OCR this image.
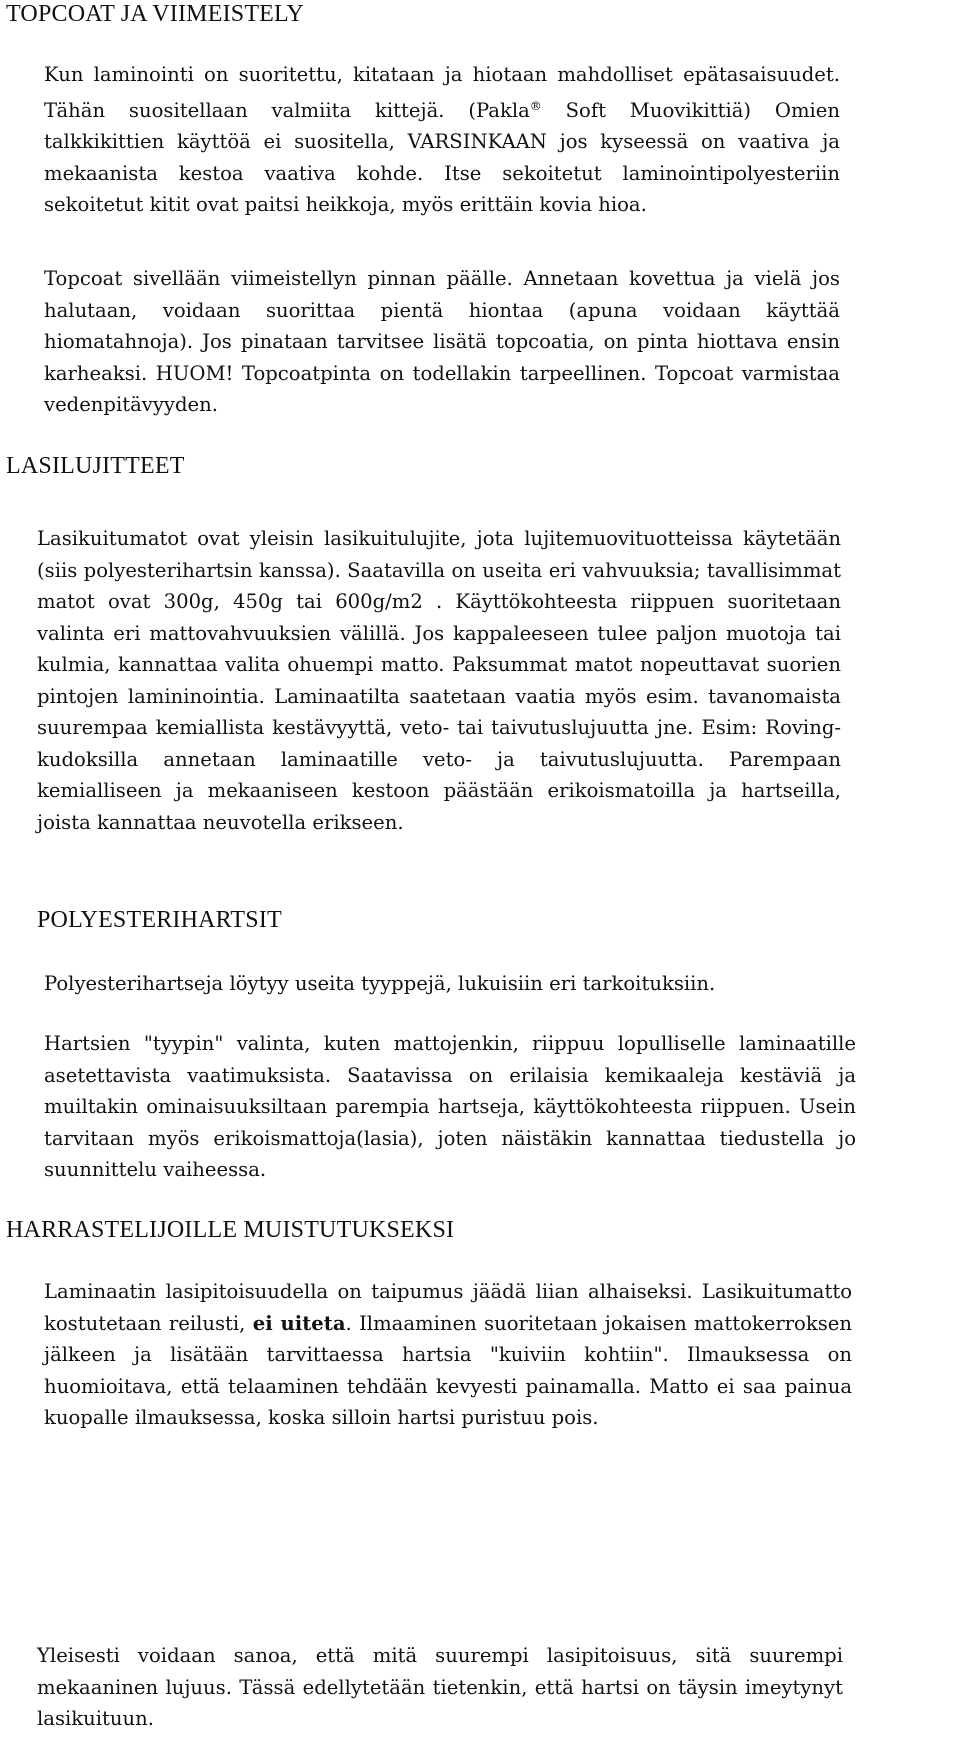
TOPCOAT JA VIIMEISTELY

Kun laminointi on suoritettu, kitataan ja hiotaan mahdolliset epätasaisuudet. Tähän suositellaan valmiita kittejä. (Pakla® Soft Muovikittiä) Omien talkkikittien käyttöä ei suositella, VARSINKAAN jos kyseessä on vaativa ja mekaanista kestoa vaativa kohde. Itse sekoitetut laminointipolyesteriin sekoitetut kitit ovat paitsi heikkoja, myös erittäin kovia hioa.

Topcoat sivellään viimeistellyn pinnan päälle. Annetaan kovettua ja vielä jos halutaan, voidaan suorittaa pientä hiontaa (apuna voidaan käyttää hiomatahnoja). Jos pinataan tarvitsee lisätä topcoatia, on pinta hiottava ensin karheaksi. HUOM! Topcoatpinta on todellakin tarpeellinen. Topcoat varmistaa vedenpitävyyden.

LASILUJITTEET

Lasikuitumatot ovat yleisin lasikuitulujite, jota lujitemuovituotteissa käytetään (siis polyesterihartsin kanssa). Saatavilla on useita eri vahvuuksia; tavallisimmat matot ovat 300g, 450g tai 600g/m2 . Käyttökohteesta riippuen suoritetaan valinta eri mattovahvuuksien välillä. Jos kappaleeseen tulee paljon muotoja tai kulmia, kannattaa valita ohuempi matto. Paksummat matot nopeuttavat suorien pintojen lamininointia. Laminaatilta saatetaan vaatia myös esim. tavanomaista suurempaa kemiallista kestävyyttä, veto- tai taivutuslujuutta jne. Esim: Roving-kudoksilla annetaan laminaatille veto- ja taivutuslujuutta. Parempaan kemialliseen ja mekaaniseen kestoon päästään erikoismatoilla ja hartseilla, joista kannattaa neuvotella erikseen.

POLYESTERIHARTSIT

Polyesterihartseja löytyy useita tyyppejä, lukuisiin eri tarkoituksiin.

Hartsien "tyypin" valinta, kuten mattojenkin, riippuu lopulliselle laminaatille asetettavista vaatimuksista. Saatavissa on erilaisia kemikaaleja kestäviä ja muiltakin ominaisuuksiltaan parempia hartseja, käyttökohteesta riippuen. Usein tarvitaan myös erikoismattoja(lasia), joten näistäkin kannattaa tiedustella jo suunnittelu vaiheessa.

HARRASTELIJOILLE MUISTUTUKSEKSI

Laminaatin lasipitoisuudella on taipumus jäädä liian alhaiseksi. Lasikuitumatto kostutetaan reilusti, ei uiteta. Ilmaaminen suoritetaan jokaisen mattokerroksen jälkeen ja lisätään tarvittaessa hartsia "kuiviin kohtiin". Ilmauksessa on huomioitava, että telaaminen tehdään kevyesti painamalla. Matto ei saa painua kuopalle ilmauksessa, koska silloin hartsi puristuu pois.

Yleisesti voidaan sanoa, että mitä suurempi lasipitoisuus, sitä suurempi mekaaninen lujuus. Tässä edellytetään tietenkin, että hartsi on täysin imeytynyt lasikuituun.
